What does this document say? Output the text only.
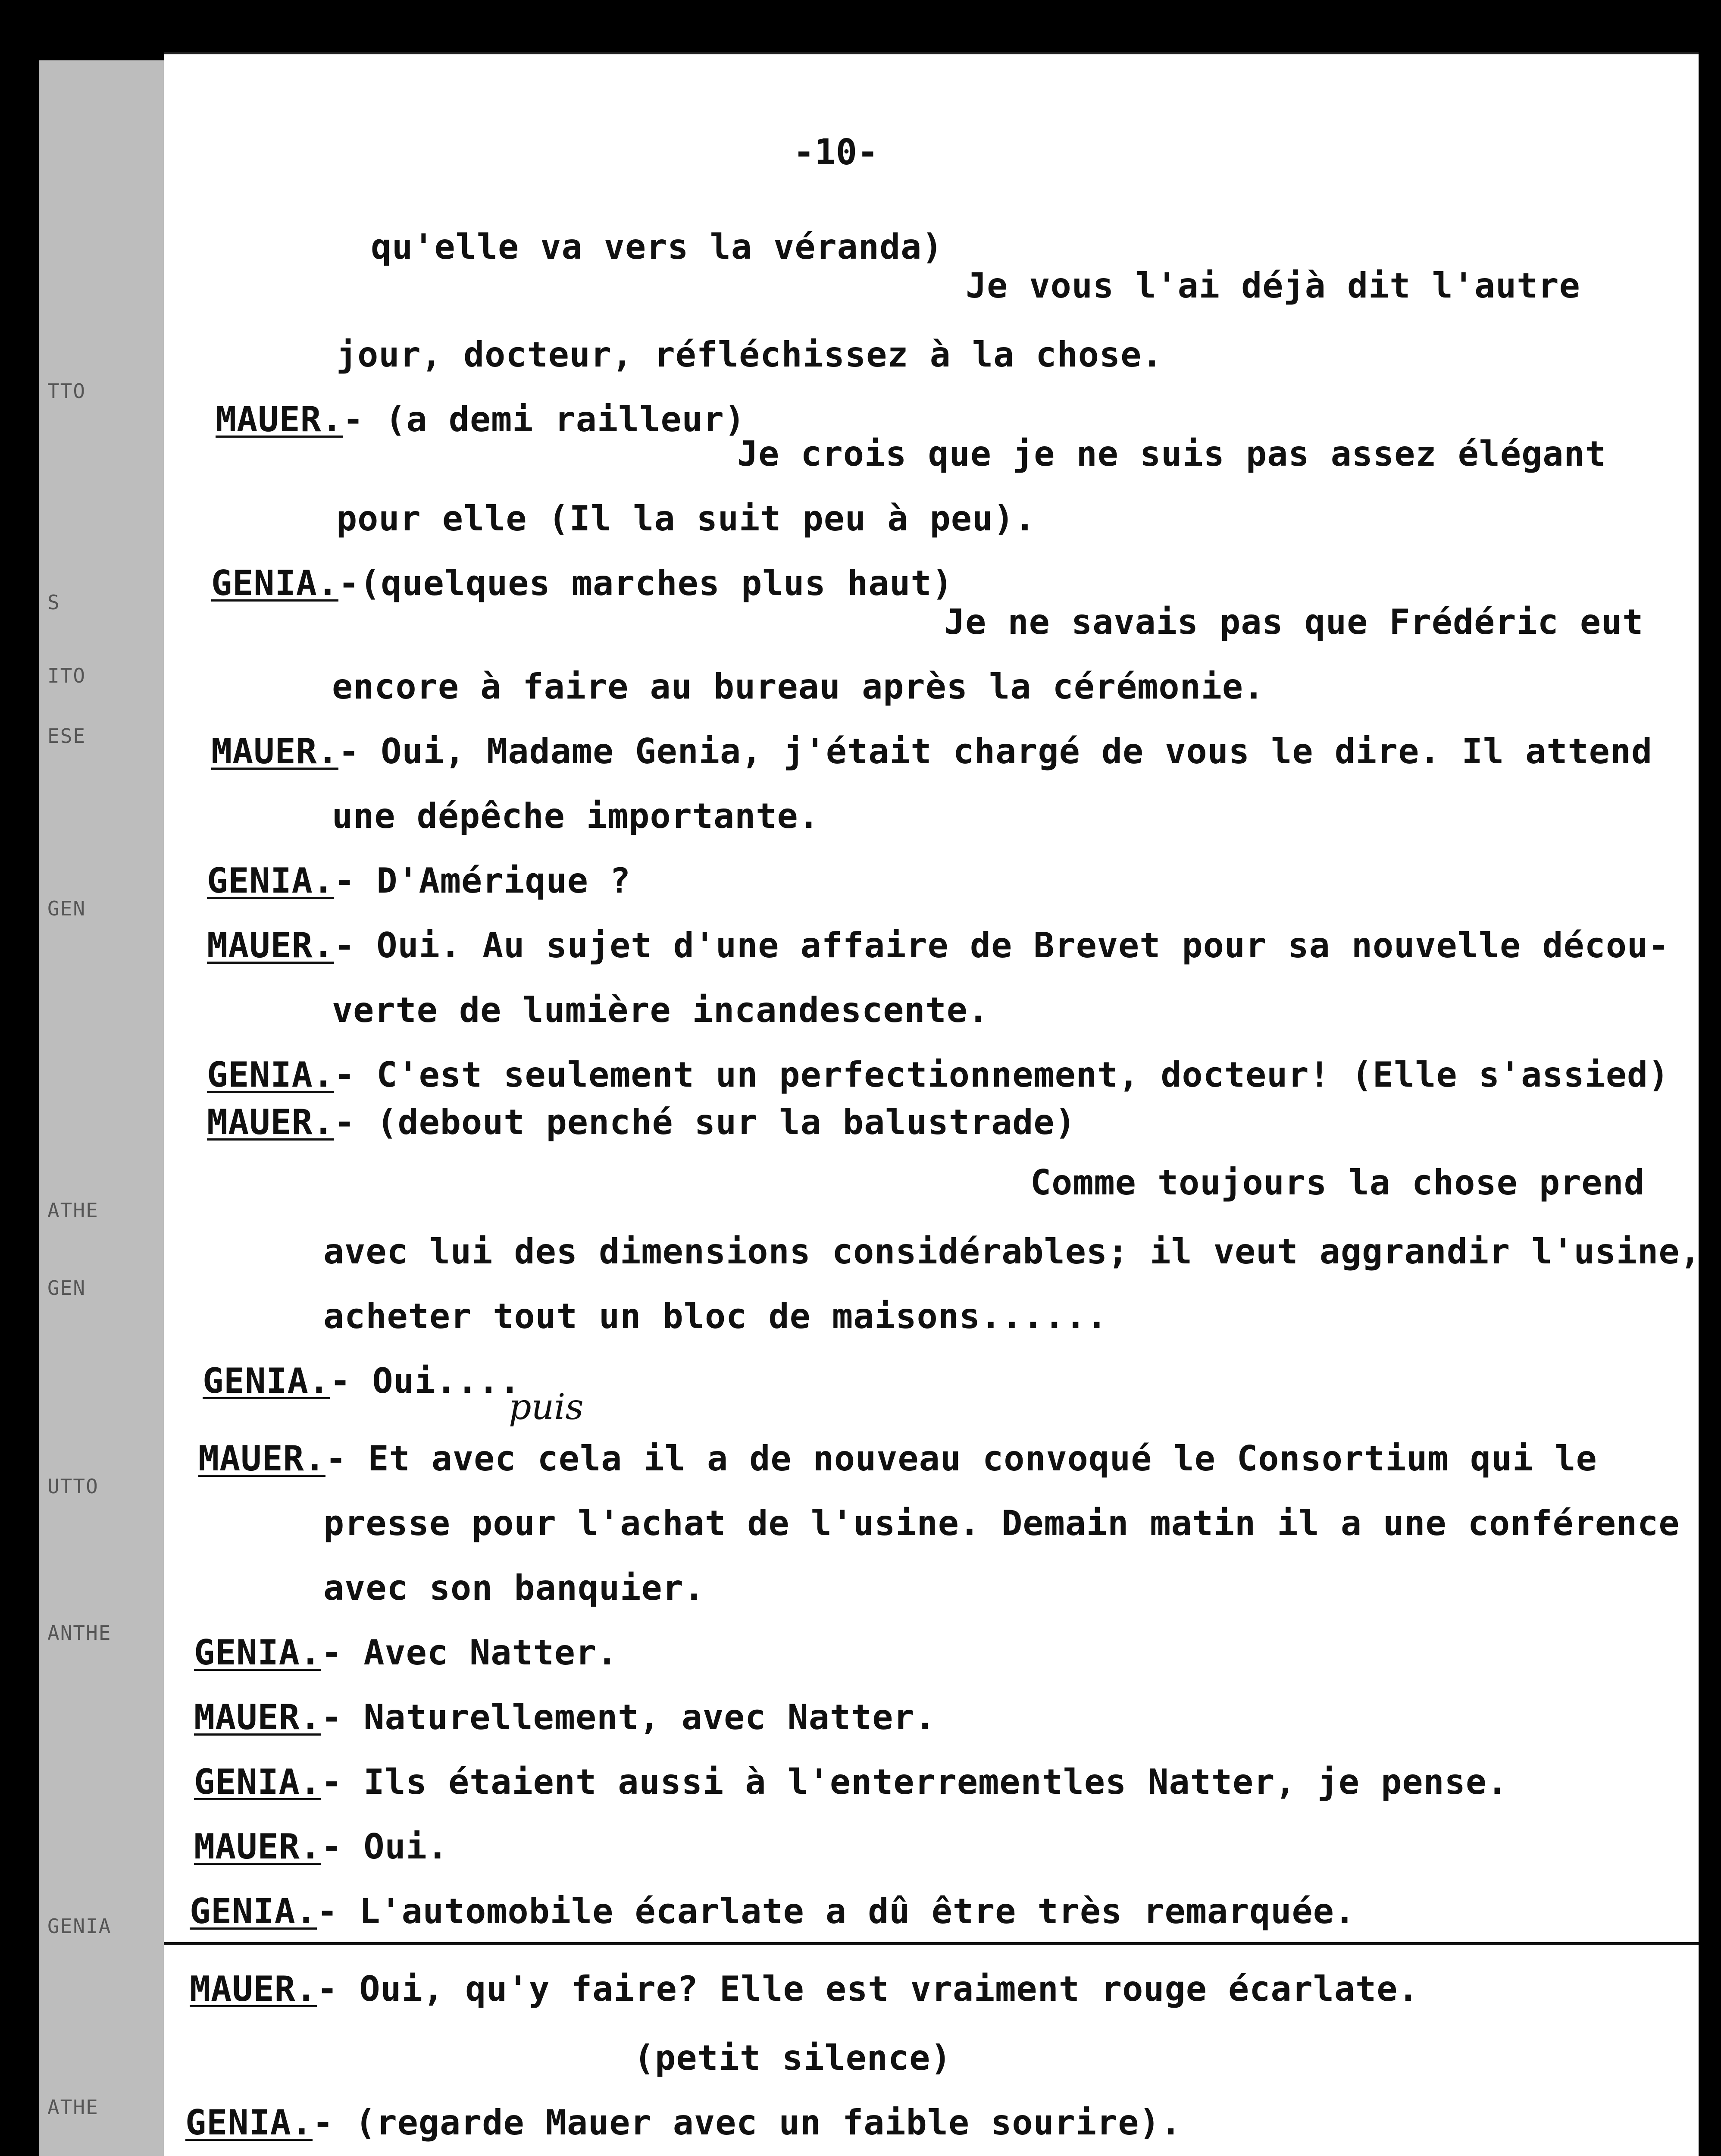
TTO
S
ITO
ESE
GEN
ATHE
GEN
UTTO
ANTHE
GENIA
ATHE
-10-
qu'elle va vers la véranda)
Je vous l'ai déjà dit l'autre
jour, docteur, réfléchissez à la chose.
MAUER.- (a demi railleur)
Je crois que je ne suis pas assez élégant
pour elle (Il la suit peu à peu).
GENIA.-(quelques marches plus haut)
Je ne savais pas que Frédéric eut
encore à faire au bureau après la cérémonie.
MAUER.- Oui, Madame Genia, j'était chargé de vous le dire. Il attend
une dépêche importante.
GENIA.- D'Amérique ?
MAUER.- Oui. Au sujet d'une affaire de Brevet pour sa nouvelle décou-
verte de lumière incandescente.
GENIA.- C'est seulement un perfectionnement, docteur! (Elle s'assied)
MAUER.- (debout penché sur la balustrade)
Comme toujours la chose prend
avec lui des dimensions considérables; il veut aggrandir l'usine,
acheter tout un bloc de maisons......
GENIA.- Oui....
MAUER.- Et avec cela il a de nouveau convoqué le Consortium qui le
puis
presse pour l'achat de l'usine. Demain matin il a une conférence
avec son banquier.
GENIA.- Avec Natter.
MAUER.- Naturellement, avec Natter.
GENIA.- Ils étaient aussi à l'enterrementles Natter, je pense.
MAUER.- Oui.
GENIA.- L'automobile écarlate a dû être très remarquée.
MAUER.- Oui, qu'y faire? Elle est vraiment rouge écarlate.
(petit silence)
GENIA.- (regarde Mauer avec un faible sourire).
